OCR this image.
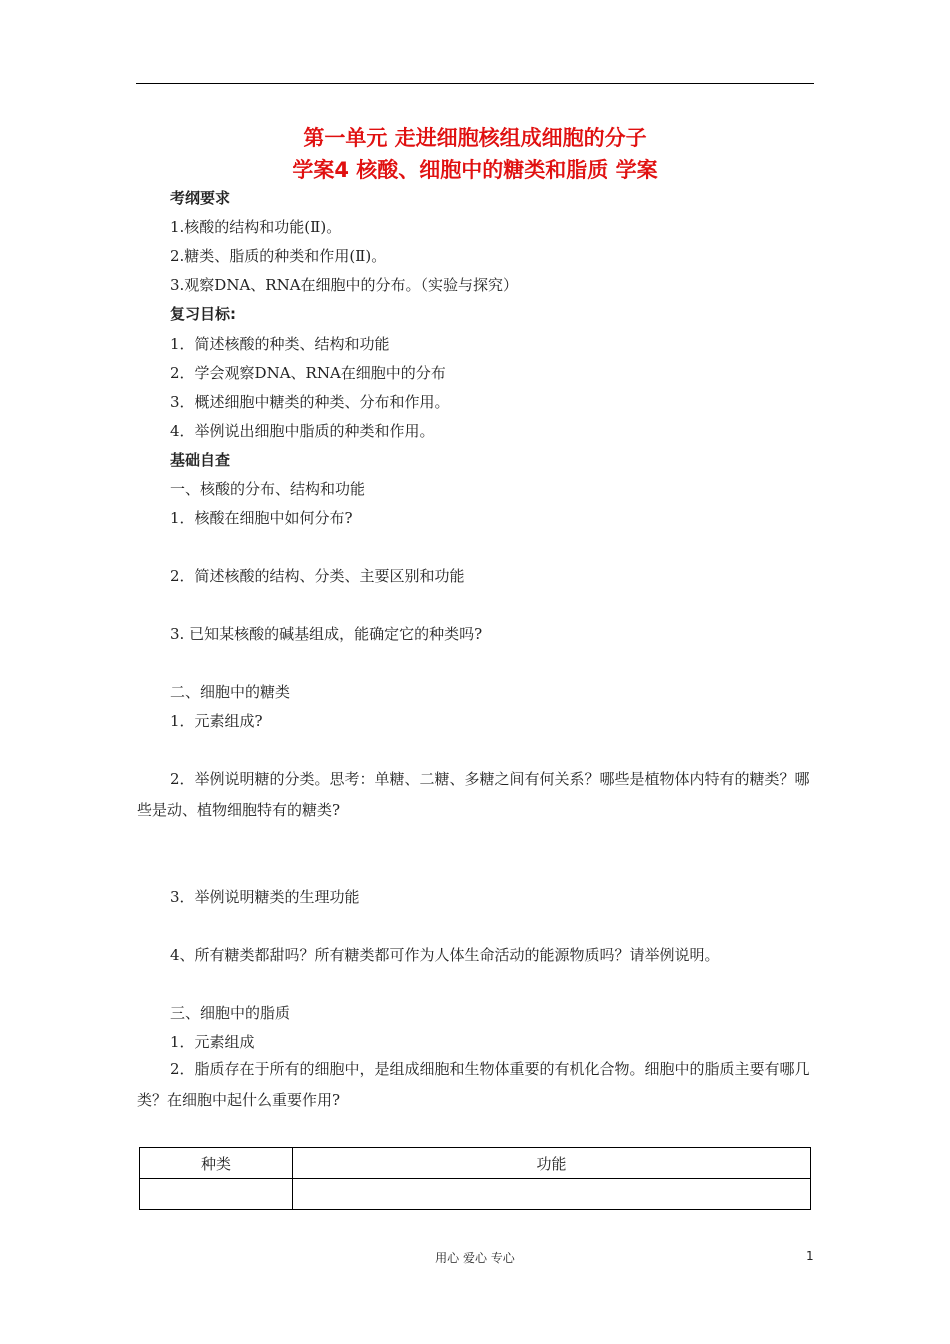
第一单元 走进细胞核组成细胞的分子
学案4 核酸、细胞中的糖类和脂质 学案
考纲要求
1.核酸的结构和功能(Ⅱ)。
2.糖类、脂质的种类和作用(Ⅱ)。
3.观察DNA、RNA在细胞中的分布。（实验与探究）
复习目标:
1．简述核酸的种类、结构和功能
2．学会观察DNA、RNA在细胞中的分布
3．概述细胞中糖类的种类、分布和作用。
4．举例说出细胞中脂质的种类和作用。
基础自查
一、核酸的分布、结构和功能
1．核酸在细胞中如何分布?
2．简述核酸的结构、分类、主要区别和功能
3. 已知某核酸的碱基组成，能确定它的种类吗?
二、细胞中的糖类
1．元素组成?
2．举例说明糖的分类。思考：单糖、二糖、多糖之间有何关系？哪些是植物体内特有的糖类？哪些是动、植物细胞特有的糖类?
3．举例说明糖类的生理功能
4、所有糖类都甜吗？所有糖类都可作为人体生命活动的能源物质吗？请举例说明。
三、细胞中的脂质
1．元素组成
2．脂质存在于所有的细胞中，是组成细胞和生物体重要的有机化合物。细胞中的脂质主要有哪几类？在细胞中起什么重要作用?
种类	功能

用心 爱心 专心	1
